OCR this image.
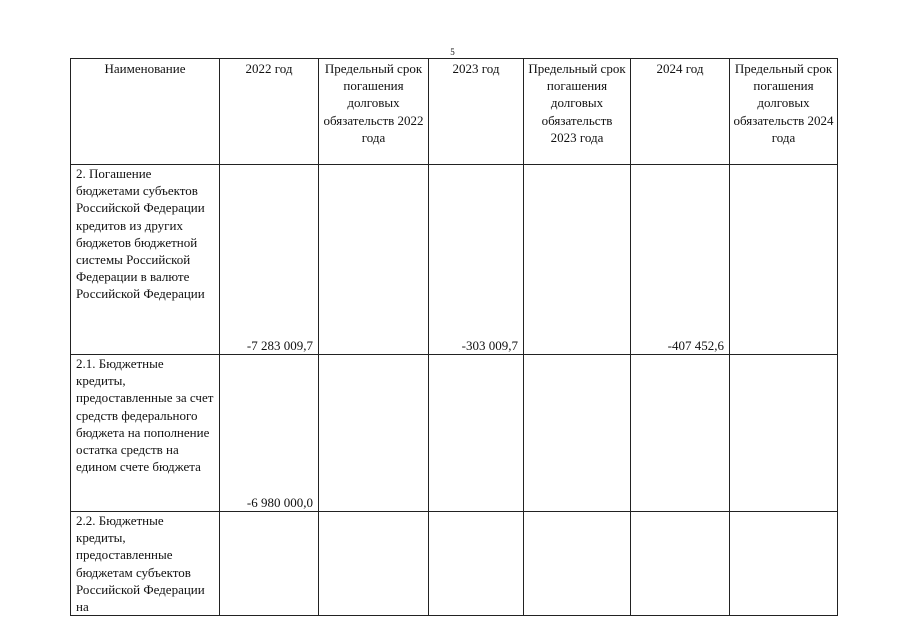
5
Наименование	2022 год	Предельный срок погашения долговых обязательств 2022 года	2023 год	Предельный срок погашения долговых обязательств 2023 года	2024 год	Предельный срок погашения долговых обязательств 2024 года
2. Погашение бюджетами субъектов Российской Федерации кредитов из других бюджетов бюджетной системы Российской Федерации в валюте Российской Федерации	-7 283 009,7		-303 009,7		-407 452,6	
2.1. Бюджетные кредиты, предоставленные за счет средств федерального бюджета на пополнение остатка средств на едином счете бюджета	-6 980 000,0					
2.2. Бюджетные кредиты, предоставленные бюджетам субъектов Российской Федерации на						
